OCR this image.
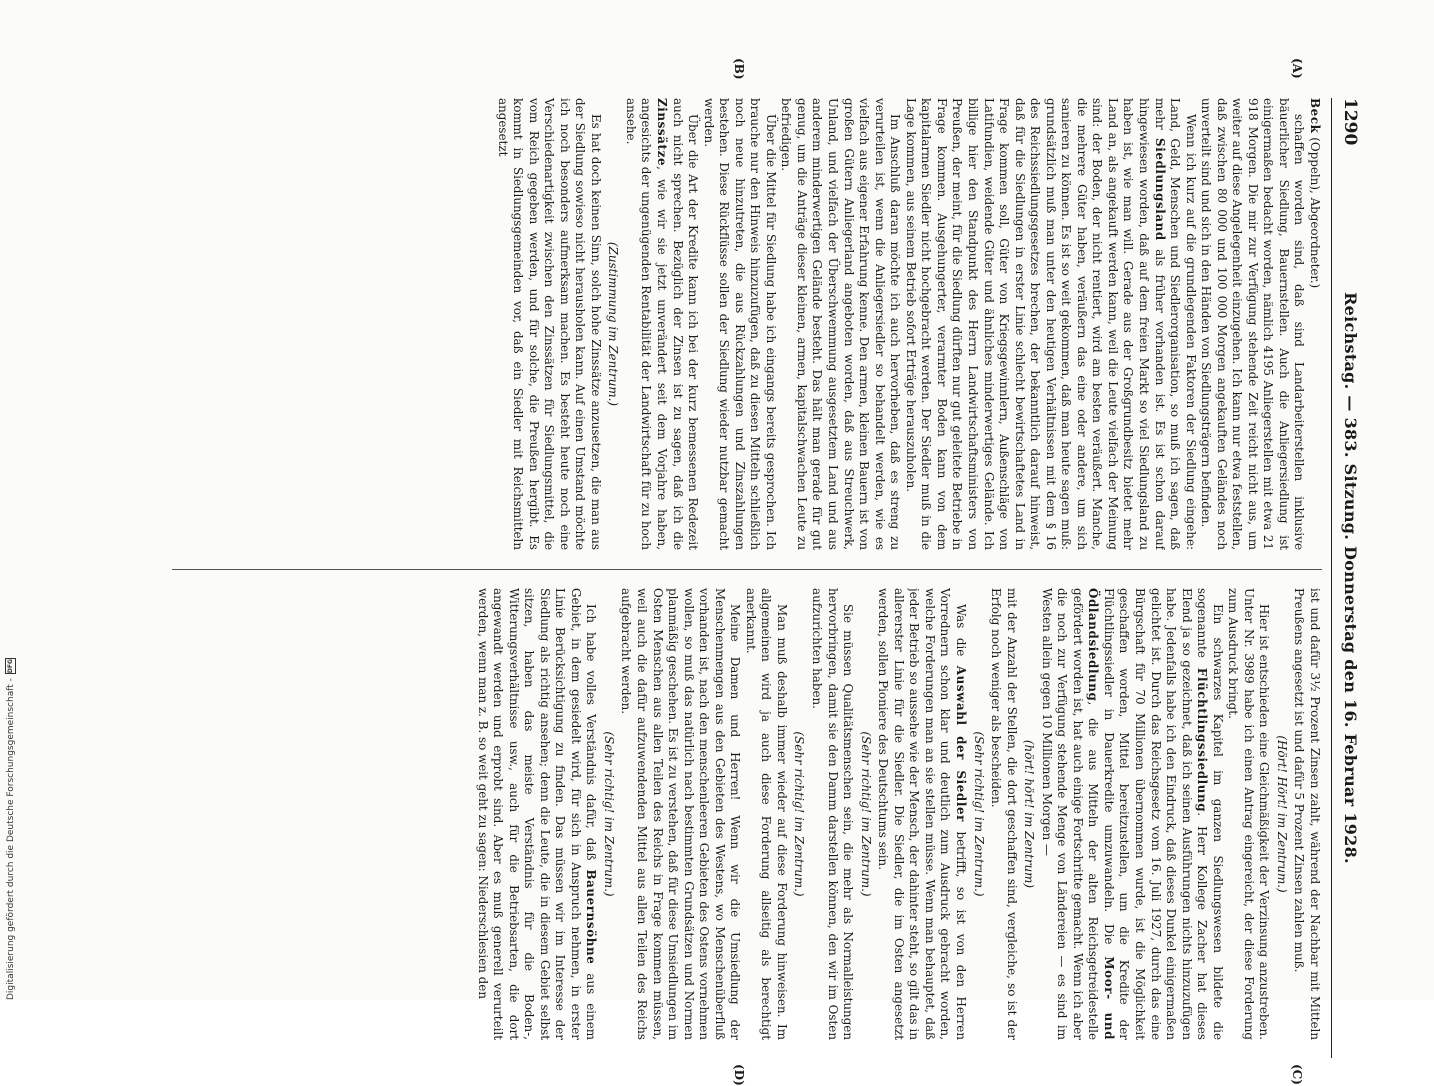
1290
Reichstag. — 383. Sitzung. Donnerstag den 16. Februar 1928.

Beck (Oppeln), Abgeordneter.)

schaffen worden sind, daß sind Landarbeiterstellen inklusive bäuerlicher Siedlung, Bauernstellen. Auch die Anliegersiedlung ist einigermaßen bedacht worden, nämlich 4195 Anliegerstellen mit etwa 21 918 Morgen. Die mir zur Verfügung stehende Zeit reicht nicht aus, um weiter auf diese Angelegenheit einzugehen. Ich kann nur etwa feststellen, daß zwischen 80 000 und 100 000 Morgen angekauften Geländes noch unverteilt sind und sich in den Händen von Siedlungsträgern befinden.

Wenn ich kurz auf die grundlegenden Faktoren der Siedlung eingehe: Land, Geld, Menschen und Siedlerorganisation, so muß ich sagen, daß mehr Siedlungsland als früher vorhanden ist. Es ist schon darauf hingewiesen worden, daß auf dem freien Markt so viel Siedlungsland zu haben ist, wie man will. Gerade aus der Großgrundbesitz bietet mehr Land an, als angekauft werden kann, weil die Leute vielfach der Meinung sind: der Boden, der nicht rentiert, wird am besten veräußert. Manche, die mehrere Güter haben, veräußern das eine oder andere, um sich sanieren zu können. Es ist so weit gekommen, daß man heute sagen muß: grundsätzlich muß man unter den heutigen Verhältnissen mit dem § 16 des Reichssiedlungsgesetzes brechen, der bekanntlich darauf hinweist, daß für die Siedlungen in erster Linie schlecht bewirtschaftetes Land in Frage kommen soll, Güter von Kriegsgewinnlern, Außenschläge von Latifundien, weidende Güter und ähnliches minderwertiges Gelände. Ich billige hier den Standpunkt des Herrn Landwirtschaftsministers von Preußen, der meint, für die Siedlung dürften nur gut geleitete Betriebe in Frage kommen. Ausgehungerter, verarmter Boden kann von dem kapitalarmen Siedler nicht hochgebracht werden. Der Siedler muß in die Lage kommen, aus seinem Betrieb sofort Erträge herauszuholen.

Im Anschluß daran möchte ich auch hervorheben, daß es streng zu verurteilen ist, wenn die Anliegersiedler so behandelt werden, wie es vielfach aus eigener Erfahrung kenne. Den armen, kleinen Bauern ist von großen Gütern Anliegerland angeboten worden, daß aus Streuchwerk, Unland, und vielfach der Überschwemmung ausgesetztem Land und aus anderem minderwertigen Gelände besteht. Das hält man gerade für gut genug, um die Anträge dieser kleinen, armen, kapitalschwachen Leute zu befriedigen.

Über die Mittel für Siedlung habe ich eingangs bereits gesprochen. Ich brauche nur den Hinweis hinzuzufügen, daß zu diesen Mitteln schließlich noch neue hinzutreten, die aus Rückzahlungen und Zinszahlungen bestehen. Diese Rückflüsse sollen der Siedlung wieder nutzbar gemacht werden.

Über die Art der Kredite kann ich bei der kurz bemessenen Redezeit auch nicht sprechen. Bezüglich der Zinsen ist zu sagen, daß ich die Zinssätze, wie wir sie jetzt unverändert seit dem Vorjahre haben, angesichts der ungenügenden Rentabilität der Landwirtschaft für zu hoch ansehe.

(Zustimmung im Zentrum.)

Es hat doch keinen Sinn, solch hohe Zinssätze anzusetzen, die man aus der Siedlung sowieso nicht herausholen kann. Auf einen Umstand möchte ich noch besonders aufmerksam machen. Es besteht heute noch eine Verschiedenartigkeit zwischen den Zinssätzen für Siedlungsmittel, die vom Reich gegeben werden, und für solche, die Preußen hergibt. Es kommt in Siedlungsgemeinden vor, daß ein Siedler mit Reichsmitteln angesetzt

ist und dafür 3½ Prozent Zinsen zahlt, während der Nachbar mit Mitteln Preußens angesetzt ist und dafür 5 Prozent Zinsen zahlen muß.

(Hört! Hört! im Zentrum.)

Hier ist entschieden eine Gleichmäßigkeit der Verzinsung anzustreben. Unter Nr. 3989 habe ich einen Antrag eingereicht, der diese Forderung zum Ausdruck bringt.

Ein schwarzes Kapitel im ganzen Siedlungswesen bildete die sogenannte Flüchtlingssiedlung. Herr Kollege Zacher hat dieses Elend ja so gezeichnet, daß ich seinen Ausführungen nichts hinzuzufügen habe. Jedenfalls habe ich den Eindruck, daß dieses Dunkel einigermaßen gelichtet ist. Durch das Reichsgesetz vom 16. Juli 1927, durch das eine Bürgschaft für 70 Millionen übernommen wurde, ist die Möglichkeit geschaffen worden, Mittel bereitzustellen, um die Kredite der Flüchtlingssiedler in Dauerkredite umzuwandeln. Die Moor- und Ödlandsiedlung, die aus Mitteln der alten Reichsgetreidestelle gefördert worden ist, hat auch einige Fortschritte gemacht. Wenn ich aber die noch zur Verfügung stehende Menge von Ländereien — es sind im Westen allein gegen 10 Millionen Morgen —

(hört! hört! im Zentrum)

mit der Anzahl der Stellen, die dort geschaffen sind, vergleiche, so ist der Erfolg noch weniger als bescheiden.

(Sehr richtig! im Zentrum.)

Was die Auswahl der Siedler betrifft, so ist von den Herren Vorrednern schon klar und deutlich zum Ausdruck gebracht worden, welche Forderungen man an sie stellen müsse. Wenn man behauptet, daß jeder Betrieb so aussehe wie der Mensch, der dahinter steht, so gilt das in allererster Linie für die Siedler. Die Siedler, die im Osten angesetzt werden, sollen Pioniere des Deutschtums sein.

(Sehr richtig! im Zentrum.)

Sie müssen Qualitätsmenschen sein, die mehr als Normalleistungen hervorbringen, damit sie den Damm darstellen können, den wir im Osten aufzurichten haben.

(Sehr richtig! im Zentrum.)

Man muß deshalb immer wieder auf diese Forderung hinweisen. Im allgemeinen wird ja auch diese Forderung allseitig als berechtigt anerkannt.

Meine Damen und Herren! Wenn wir die Umsiedlung der Menschenmengen aus den Gebieten des Westens, wo Menschenüberfluß vorhanden ist, nach den menschenleeren Gebieten des Ostens vornehmen wollen, so muß das natürlich nach bestimmten Grundsätzen und Normen planmäßig geschehen. Es ist zu verstehen, daß für diese Umsiedlungen im Osten Menschen aus allen Teilen des Reichs in Frage kommen müssen, weil auch die dafür aufzuwendenden Mittel aus allen Teilen des Reichs aufgebracht werden.

(Sehr richtig! im Zentrum.)

Ich habe volles Verständnis dafür, daß Bauernsöhne aus einem Gebiet, in dem gesiedelt wird, für sich in Anspruch nehmen, in erster Linie Berücksichtigung zu finden. Das müssen wir im Interesse der Siedlung als richtig ansehen; denn die Leute, die in diesem Gebiet selbst sitzen, haben das meiste Verständnis für die Boden-, Witterungsverhältnisse usw., auch für die Betriebsarten, die dort angewandt werden und erprobt sind. Aber es muß generell verurteilt werden, wenn man z. B. so weit geht zu sagen: Niederschlesien den

(A)
(B)
(C)
(D)
Digitalisierung gefördert durch die Deutsche Forschungsgemeinschaft -DFG
